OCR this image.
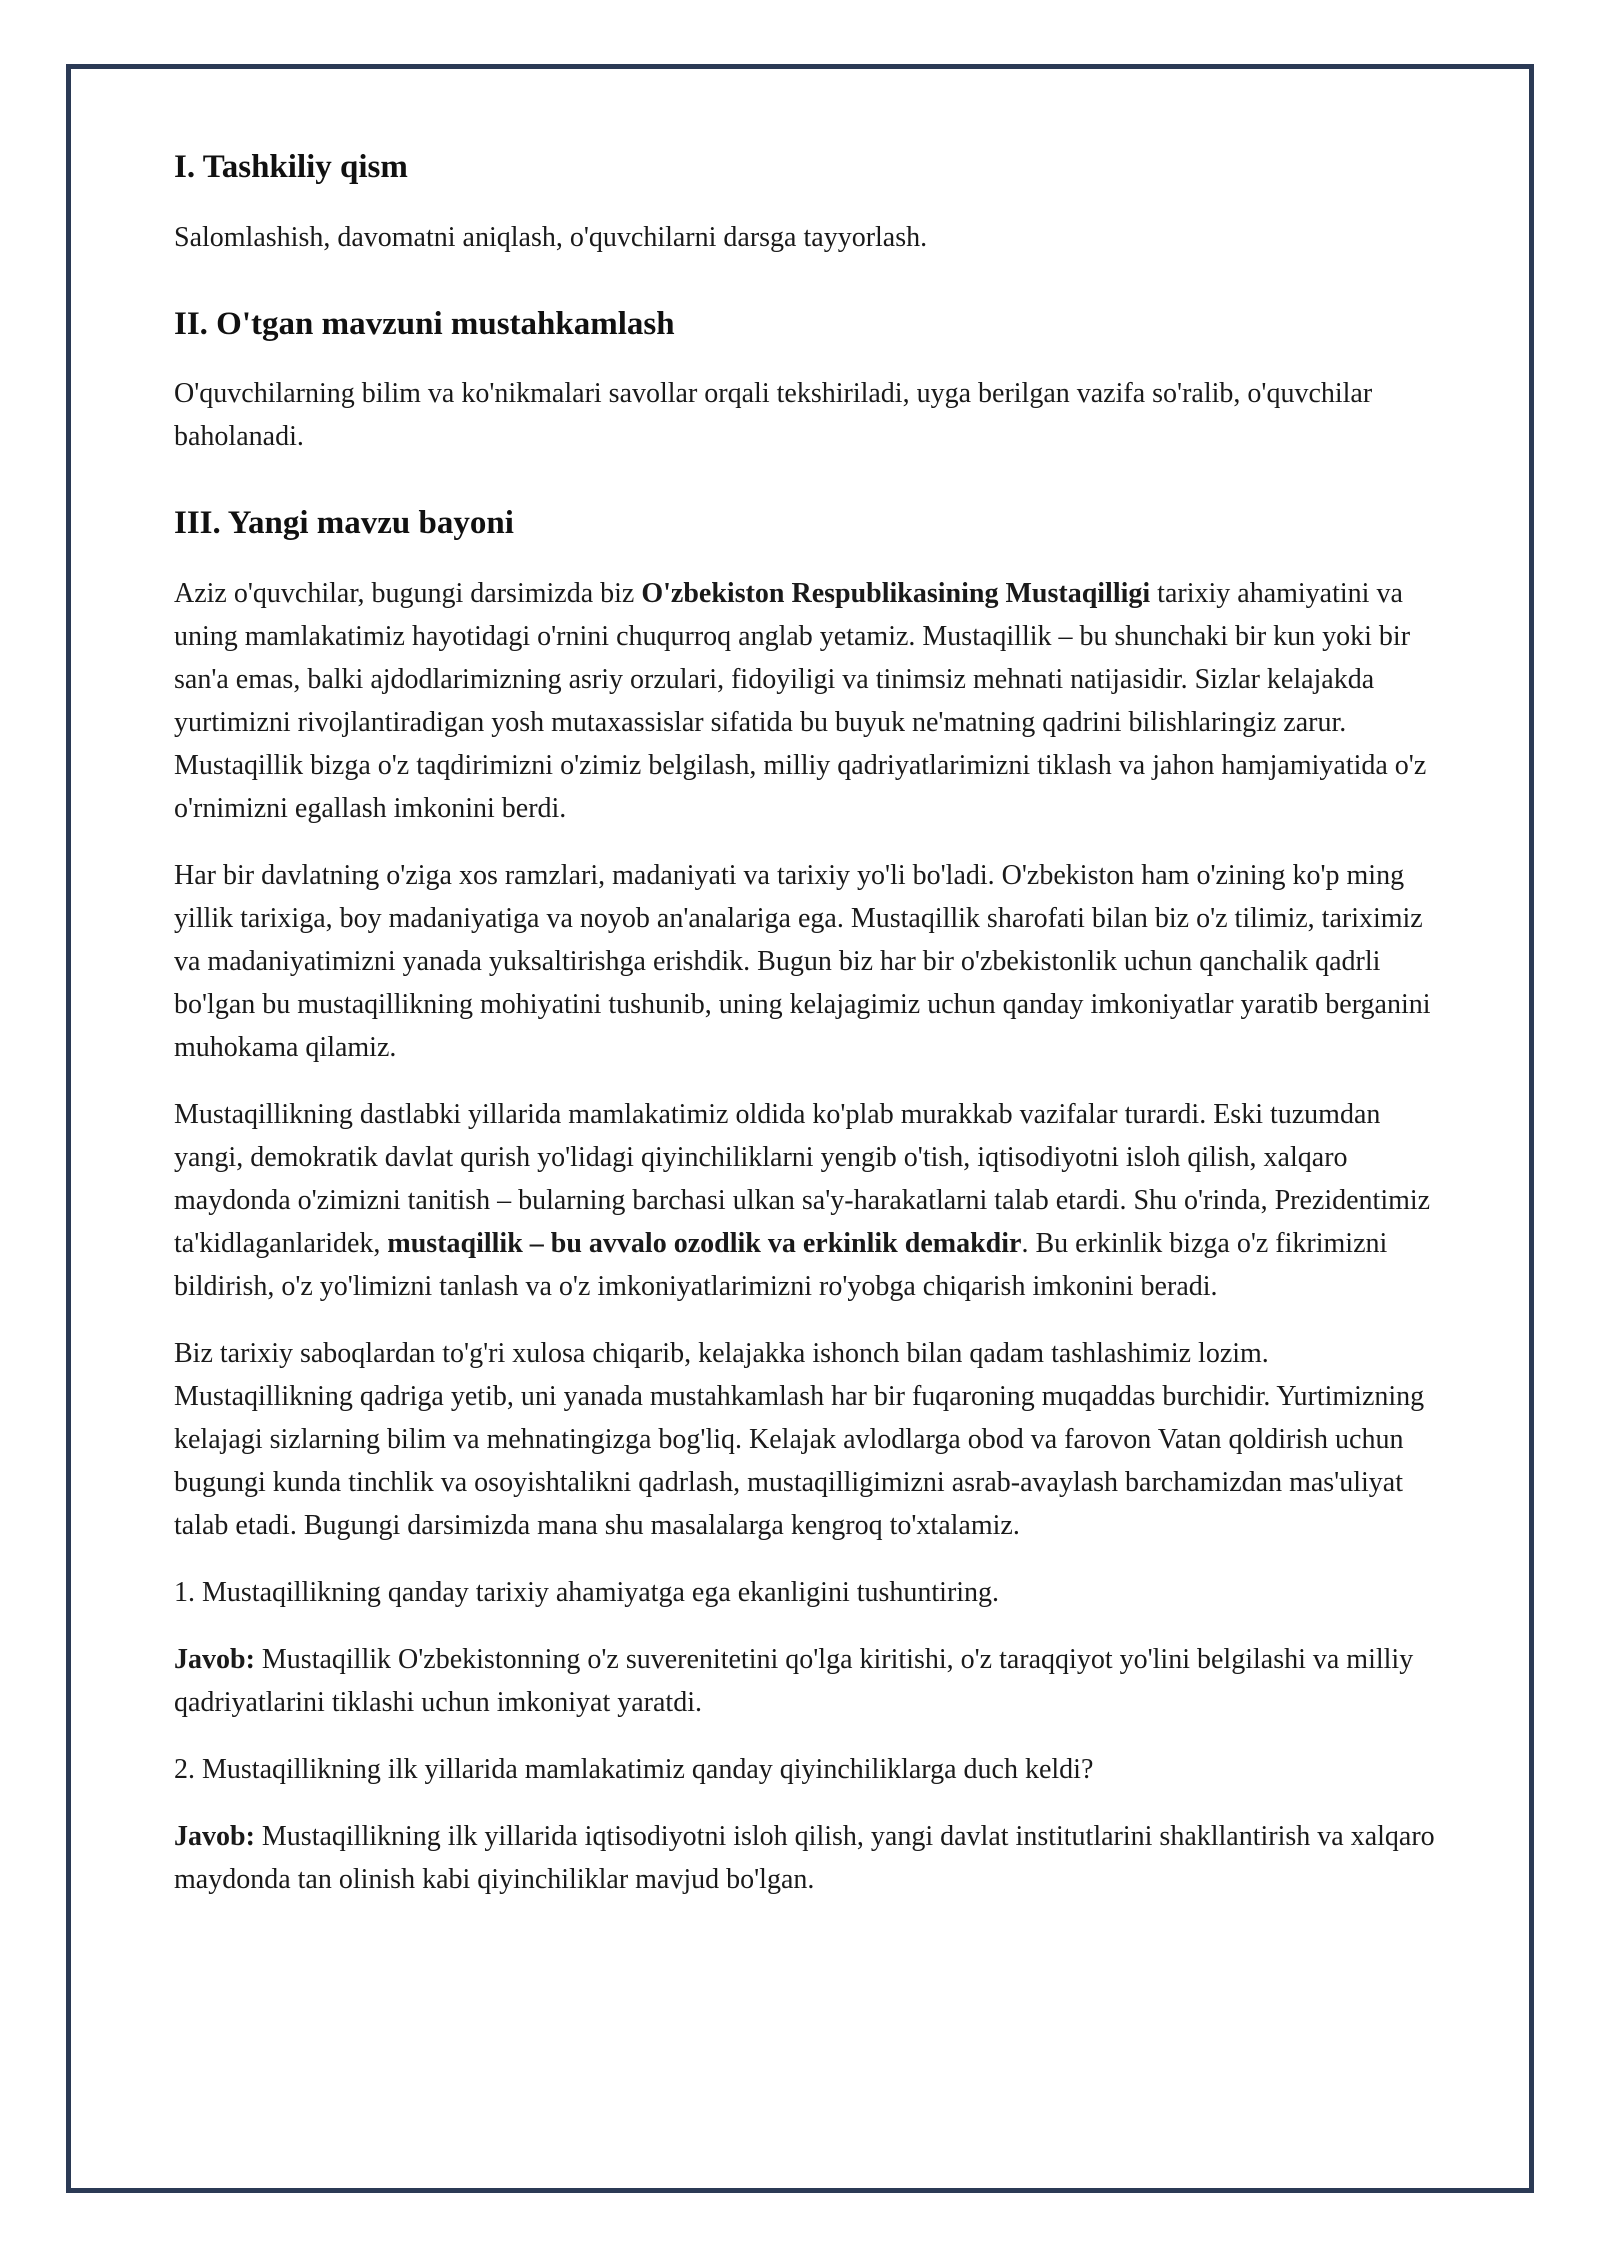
I. Tashkiliy qism

Salomlashish, davomatni aniqlash, o'quvchilarni darsga tayyorlash.

II. O'tgan mavzuni mustahkamlash

O'quvchilarning bilim va ko'nikmalari savollar orqali tekshiriladi, uyga berilgan vazifa so'ralib, o'quvchilar baholanadi.

III. Yangi mavzu bayoni

Aziz o'quvchilar, bugungi darsimizda biz O'zbekiston Respublikasining Mustaqilligi tarixiy ahamiyatini va uning mamlakatimiz hayotidagi o'rnini chuqurroq anglab yetamiz. Mustaqillik – bu shunchaki bir kun yoki bir san'a emas, balki ajdodlarimizning asriy orzulari, fidoyiligi va tinimsiz mehnati natijasidir. Sizlar kelajakda yurtimizni rivojlantiradigan yosh mutaxassislar sifatida bu buyuk ne'matning qadrini bilishlaringiz zarur. Mustaqillik bizga o'z taqdirimizni o'zimiz belgilash, milliy qadriyatlarimizni tiklash va jahon hamjamiyatida o'z o'rnimizni egallash imkonini berdi.

Har bir davlatning o'ziga xos ramzlari, madaniyati va tarixiy yo'li bo'ladi. O'zbekiston ham o'zining ko'p ming yillik tarixiga, boy madaniyatiga va noyob an'analariga ega. Mustaqillik sharofati bilan biz o'z tilimiz, tariximiz va madaniyatimizni yanada yuksaltirishga erishdik. Bugun biz har bir o'zbekistonlik uchun qanchalik qadrli bo'lgan bu mustaqillikning mohiyatini tushunib, uning kelajagimiz uchun qanday imkoniyatlar yaratib berganini muhokama qilamiz.

Mustaqillikning dastlabki yillarida mamlakatimiz oldida ko'plab murakkab vazifalar turardi. Eski tuzumdan yangi, demokratik davlat qurish yo'lidagi qiyinchiliklarni yengib o'tish, iqtisodiyotni isloh qilish, xalqaro maydonda o'zimizni tanitish – bularning barchasi ulkan sa'y-harakatlarni talab etardi. Shu o'rinda, Prezidentimiz ta'kidlaganlaridek, mustaqillik – bu avvalo ozodlik va erkinlik demakdir. Bu erkinlik bizga o'z fikrimizni bildirish, o'z yo'limizni tanlash va o'z imkoniyatlarimizni ro'yobga chiqarish imkonini beradi.

Biz tarixiy saboqlardan to'g'ri xulosa chiqarib, kelajakka ishonch bilan qadam tashlashimiz lozim. Mustaqillikning qadriga yetib, uni yanada mustahkamlash har bir fuqaroning muqaddas burchidir. Yurtimizning kelajagi sizlarning bilim va mehnatingizga bog'liq. Kelajak avlodlarga obod va farovon Vatan qoldirish uchun bugungi kunda tinchlik va osoyishtalikni qadrlash, mustaqilligimizni asrab-avaylash barchamizdan mas'uliyat talab etadi. Bugungi darsimizda mana shu masalalarga kengroq to'xtalamiz.

1. Mustaqillikning qanday tarixiy ahamiyatga ega ekanligini tushuntiring.

Javob: Mustaqillik O'zbekistonning o'z suverenitetini qo'lga kiritishi, o'z taraqqiyot yo'lini belgilashi va milliy qadriyatlarini tiklashi uchun imkoniyat yaratdi.

2. Mustaqillikning ilk yillarida mamlakatimiz qanday qiyinchiliklarga duch keldi?

Javob: Mustaqillikning ilk yillarida iqtisodiyotni isloh qilish, yangi davlat institutlarini shakllantirish va xalqaro maydonda tan olinish kabi qiyinchiliklar mavjud bo'lgan.
